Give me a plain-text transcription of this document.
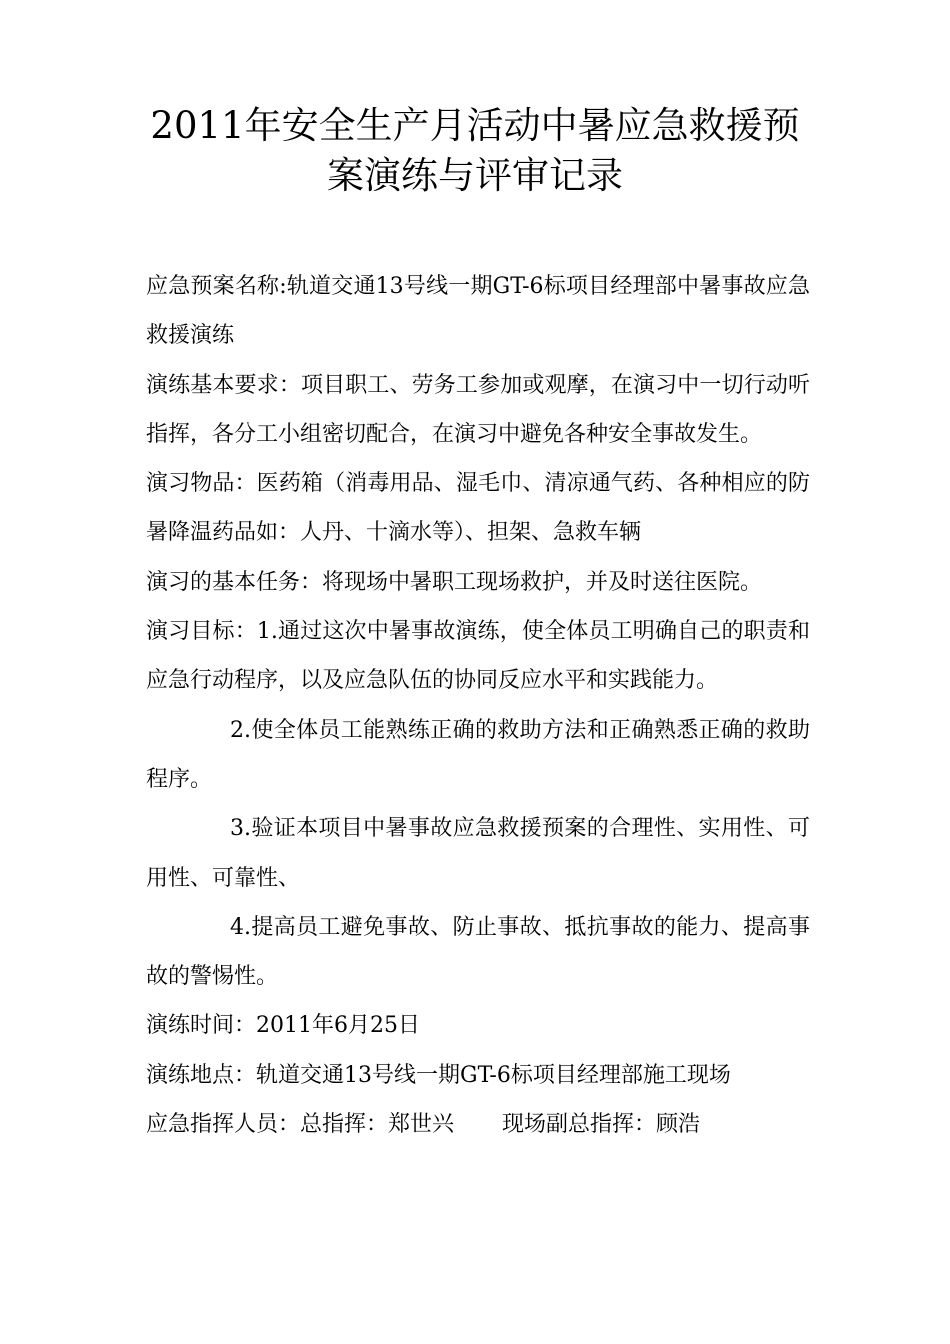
2011年安全生产月活动中暑应急救援预
案演练与评审记录

应急预案名称:轨道交通13号线一期GT-6标项目经理部中暑事故应急救援演练

演练基本要求：项目职工、劳务工参加或观摩，在演习中一切行动听指挥，各分工小组密切配合，在演习中避免各种安全事故发生。

演习物品：医药箱（消毒用品、湿毛巾、清凉通气药、各种相应的防暑降温药品如：人丹、十滴水等）、担架、急救车辆

演习的基本任务：将现场中暑职工现场救护，并及时送往医院。

演习目标：1.通过这次中暑事故演练，使全体员工明确自己的职责和应急行动程序，以及应急队伍的协同反应水平和实践能力。

2.使全体员工能熟练正确的救助方法和正确熟悉正确的救助程序。

3.验证本项目中暑事故应急救援预案的合理性、实用性、可用性、可靠性、

4.提高员工避免事故、防止事故、抵抗事故的能力、提高事故的警惕性。

演练时间：2011年6月25日

演练地点：轨道交通13号线一期GT-6标项目经理部施工现场

应急指挥人员：总指挥：郑世兴 现场副总指挥：顾浩
